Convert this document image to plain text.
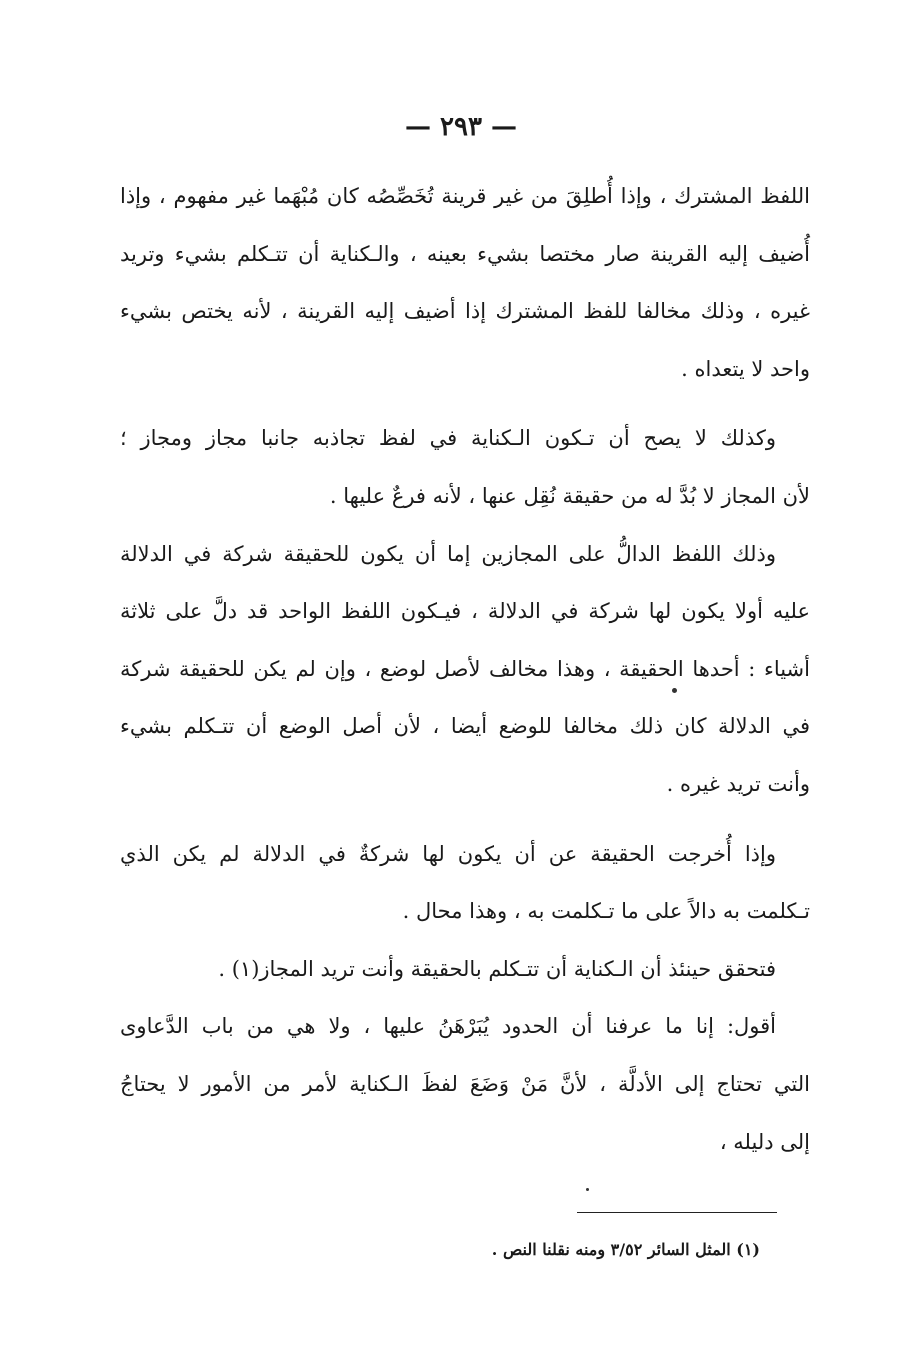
— ٢٩٣ —
اللفظ المشترك ، وإذا أُطلِقَ من غير قرينة تُخَصِّصُه كان مُبْهَما غير مفهوم ، وإذا
أُضيف إليه القرينة صار مختصا بشيء بعينه ، والـكناية أن تتـكلم بشيء وتريد
غيره ، وذلك مخالفا للفظ المشترك إذا أضيف إليه القرينة ، لأنه يختص بشيء
واحد لا يتعداه .
وكذلك لا يصح أن تـكون الـكناية في لفظ تجاذبه جانبا مجاز ومجاز ؛
لأن المجاز لا بُدَّ له من حقيقة نُقِل عنها ، لأنه فرعٌ عليها .
وذلك اللفظ الدالُّ على المجازين إما أن يكون للحقيقة شركة في الدلالة
عليه أولا يكون لها شركة في الدلالة ، فيـكون اللفظ الواحد قد دلَّ على ثلاثة
أشياء : أحدها الحقيقة ، وهذا مخالف لأصل لوضع ، وإن لم يكن للحقيقة شركة
في الدلالة كان ذلك مخالفا للوضع أيضا ، لأن أصل الوضع أن تتـكلم بشيء
وأنت تريد غيره .
وإذا أُخرجت الحقيقة عن أن يكون لها شركةٌ في الدلالة لم يكن الذي
تـكلمت به دالاً على ما تـكلمت به ، وهذا محال .
فتحقق حينئذ أن الـكناية أن تتـكلم بالحقيقة وأنت تريد المجاز(١) .
أقول: إنا ما عرفنا أن الحدود يُبَرْهَنُ عليها ، ولا هي من باب الدَّعاوى
التي تحتاج إلى الأدلَّة ، لأنَّ مَنْ وَضَعَ لفظَ الـكناية لأمر من الأمور لا يحتاجُ
إلى دليله ،
(١) المثل السائر ٣/٥٢ ومنه نقلنا النص .
